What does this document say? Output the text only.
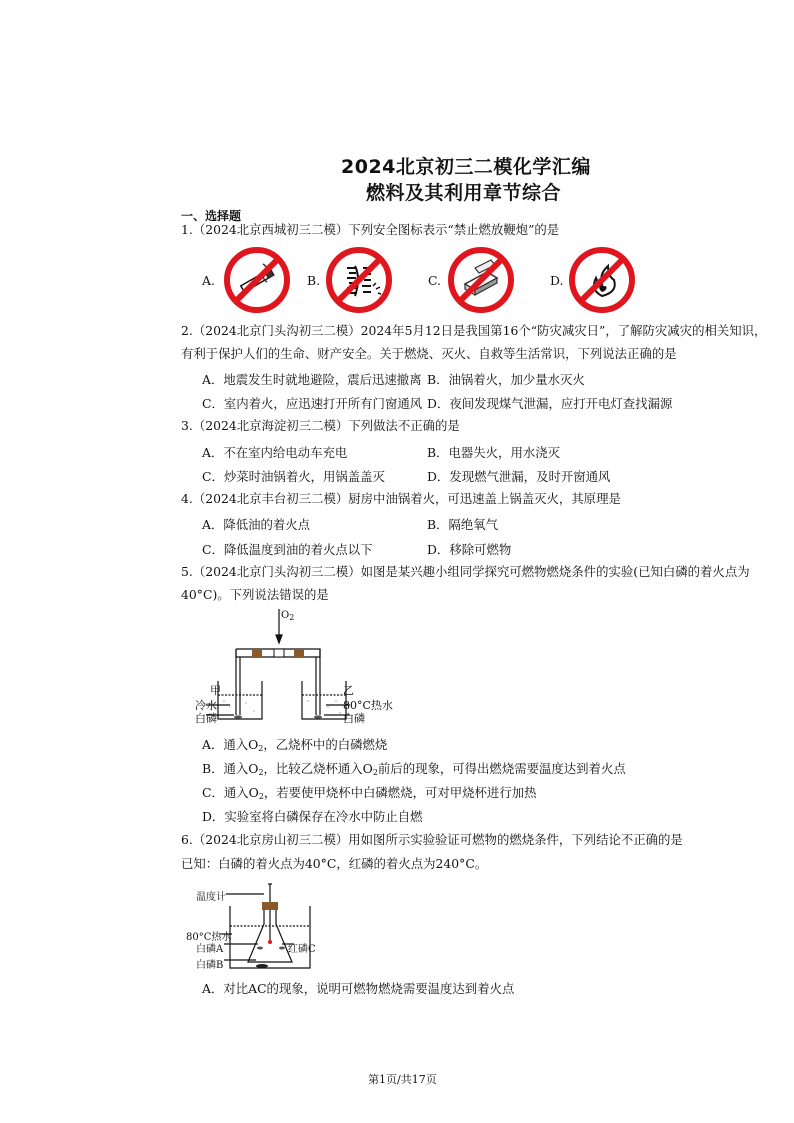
2024北京初三二模化学汇编
燃料及其利用章节综合
一、选择题
1.（2024北京西城初三二模）下列安全图标表示“禁止燃放鞭炮”的是
A.	B.	C.	D.
2.（2024北京门头沟初三二模）2024年5月12日是我国第16个“防灾减灾日”，了解防灾减灾的相关知识，
有利于保护人们的生命、财产安全。关于燃烧、灭火、自救等生活常识，下列说法正确的是
A．地震发生时就地避险，震后迅速撤离 B．油锅着火，加少量水灭火
C．室内着火，应迅速打开所有门窗通风 D．夜间发现煤气泄漏，应打开电灯查找漏源
3.（2024北京海淀初三二模）下列做法不正确的是
A．不在室内给电动车充电	B．电器失火，用水浇灭
C．炒菜时油锅着火，用锅盖盖灭	D．发现燃气泄漏，及时开窗通风
4.（2024北京丰台初三二模）厨房中油锅着火，可迅速盖上锅盖灭火，其原理是
A．降低油的着火点	B．隔绝氧气
C．降低温度到油的着火点以下	D．移除可燃物
5.（2024北京门头沟初三二模）如图是某兴趣小组同学探究可燃物燃烧条件的实验(已知白磷的着火点为
40°C)。下列说法错误的是
$O_2$
甲	乙
冷水
白磷
80°C热水
白磷
A．通入$O_2$，乙烧杯中的白磷燃烧
B．通入$O_2$，比较乙烧杯通入$O_2$前后的现象，可得出燃烧需要温度达到着火点
C．通入$O_2$，若要使甲烧杯中白磷燃烧，可对甲烧杯进行加热
D．实验室将白磷保存在冷水中防止自燃
6.（2024北京房山初三二模）用如图所示实验验证可燃物的燃烧条件，下列结论不正确的是
已知：白磷的着火点为40°C，红磷的着火点为240°C。
温度计
80°C热水
白磷A	红磷C
白磷B
A．对比AC的现象，说明可燃物燃烧需要温度达到着火点
第1页/共17页
